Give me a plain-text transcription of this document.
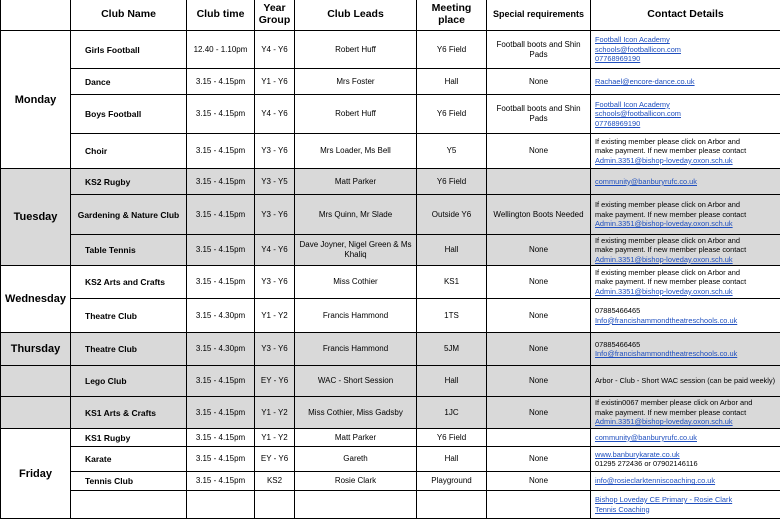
	Club Name	Club time	Year Group	Club Leads	Meeting place	Special requirements	Contact Details
Monday	Girls Football	12.40 - 1.10pm	Y4 - Y6	Robert Huff	Y6 Field	Football boots and Shin Pads	Football Icon Academy
schools@footballicon.com
07768969190

	Dance	3.15 - 4.15pm	Y1 - Y6	Mrs Foster	Hall	None	Rachael@encore-dance.co.uk

	Boys Football	3.15 - 4.15pm	Y4 - Y6	Robert Huff	Y6 Field	Football boots and Shin Pads	Football Icon Academy
schools@footballicon.com
07768969190

	Choir	3.15 - 4.15pm	Y3 - Y6	Mrs Loader, Ms Bell	Y5	None	If existing member please click on Arbor and
make payment. If new member please contact
Admin.3351@bishop-loveday.oxon.sch.uk

Tuesday	KS2 Rugby	3.15 - 4.15pm	Y3 - Y5	Matt Parker	Y6 Field		community@banburyrufc.co.uk

	Gardening & Nature Club	3.15 - 4.15pm	Y3 - Y6	Mrs Quinn, Mr Slade	Outside Y6	Wellington Boots Needed	If existing member please click on Arbor and
make payment. If new member please contact
Admin.3351@bishop-loveday.oxon.sch.uk

	Table Tennis	3.15 - 4.15pm	Y4 - Y6	Dave Joyner, Nigel Green & Ms Khaliq	Hall	None	If existing member please click on Arbor and
make payment. If new member please contact
Admin.3351@bishop-loveday.oxon.sch.uk

Wednesday	KS2 Arts and Crafts	3.15 - 4.15pm	Y3 - Y6	Miss Cothier	KS1	None	If existing member please click on Arbor and
make payment. If new member please contact
Admin.3351@bishop-loveday.oxon.sch.uk

	Theatre Club	3.15 - 4.30pm	Y1 - Y2	Francis Hammond	1TS	None	07885466465
Info@francishammondtheatreschools.co.uk

Thursday	Theatre Club	3.15 - 4.30pm	Y3 - Y6	Francis Hammond	5JM	None	07885466465
Info@francishammondtheatreschools.co.uk

	Lego Club	3.15 - 4.15pm	EY - Y6	WAC - Short Session	Hall	None	Arbor - Club - Short WAC session (can be paid weekly)

	KS1 Arts & Crafts	3.15 - 4.15pm	Y1 - Y2	Miss Cothier, Miss Gadsby	1JC	None	If existin0067 member please click on Arbor and
make payment. If new member please contact
Admin.3351@bishop-loveday.oxon.sch.uk

Friday	KS1 Rugby	3.15 - 4.15pm	Y1 - Y2	Matt Parker	Y6 Field		community@banburyrufc.co.uk

	Karate	3.15 - 4.15pm	EY - Y6	Gareth	Hall	None	www.banburykarate.co.uk
01295 272436 or 07902146116

	Tennis Club	3.15 - 4.15pm	KS2	Rosie Clark	Playground	None	info@rosieclarktenniscoaching.co.uk

							Bishop Loveday CE Primary - Rosie Clark
Tennis Coaching
